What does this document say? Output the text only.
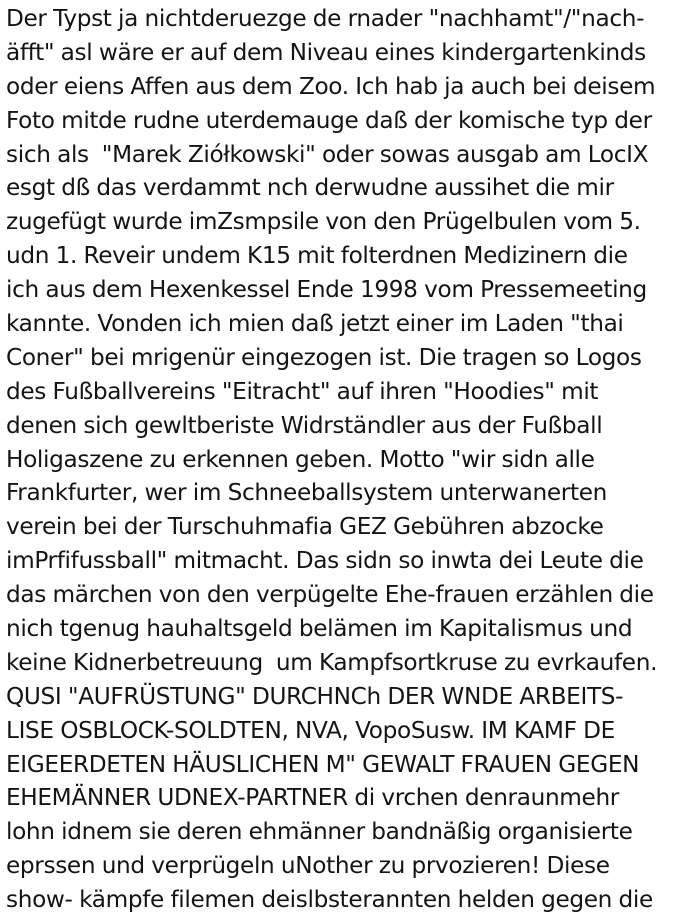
Der Typst ja nichtderuezge de rnader "nachhamt"/"nach-
äfft" asl wäre er auf dem Niveau eines kindergartenkinds
oder eiens Affen aus dem Zoo. Ich hab ja auch bei deisem
Foto mitde rudne uterdemauge daß der komische typ der
sich als  "Marek Ziółkowski" oder sowas ausgab am LocIX
esgt dß das verdammt nch derwudne aussihet die mir
zugefügt wurde imZsmpsile von den Prügelbulen vom 5.
udn 1. Reveir undem K15 mit folterdnen Medizinern die
ich aus dem Hexenkessel Ende 1998 vom Pressemeeting
kannte. Vonden ich mien daß jetzt einer im Laden "thai
Coner" bei mrigenür eingezogen ist. Die tragen so Logos
des Fußballvereins "Eitracht" auf ihren "Hoodies" mit
denen sich gewltberiste Widrständler aus der Fußball
Holigaszene zu erkennen geben. Motto "wir sidn alle
Frankfurter, wer im Schneeballsystem unterwanerten
verein bei der Turschuhmafia GEZ Gebühren abzocke
imPrfifussball" mitmacht. Das sidn so inwta dei Leute die
das märchen von den verpügelte Ehe-frauen erzählen die
nich tgenug hauhaltsgeld belämen im Kapitalismus und
keine Kidnerbetreuung  um Kampfsortkruse zu evrkaufen.
QUSI "AUFRÜSTUNG" DURCHNCh DER WNDE ARBEITS-
LISE OSBLOCK-SOLDTEN, NVA, VopoSusw. IM KAMF DE
EIGEERDETEN HÄUSLICHEN M" GEWALT FRAUEN GEGEN
EHEMÄNNER UDNEX-PARTNER di vrchen denraunmehr
lohn idnem sie deren ehmänner bandnäßig organisierte
eprssen und verprügeln uNother zu prvozieren! Diese
show- kämpfe filemen deislbsterannten helden gegen die
